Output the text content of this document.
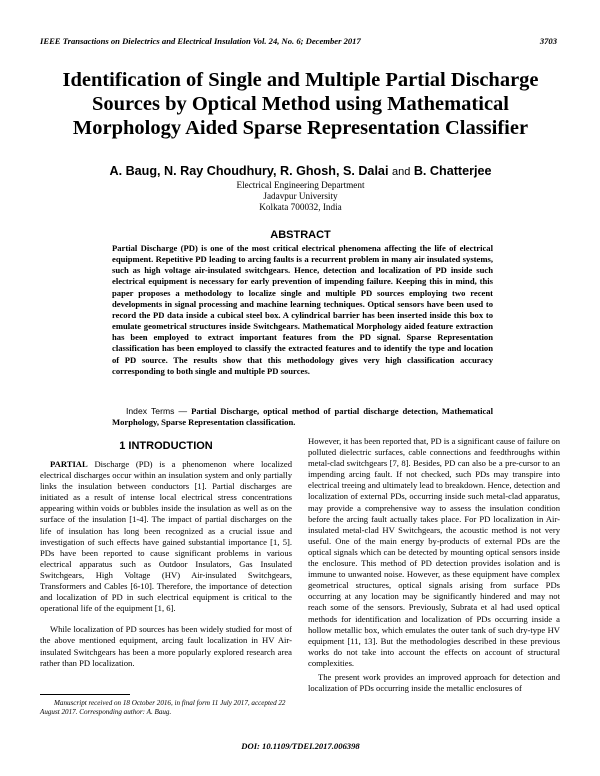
IEEE Transactions on Dielectrics and Electrical Insulation Vol. 24, No. 6; December 2017	3703
Identification of Single and Multiple Partial Discharge Sources by Optical Method using Mathematical Morphology Aided Sparse Representation Classifier
A. Baug, N. Ray Choudhury, R. Ghosh, S. Dalai and B. Chatterjee
Electrical Engineering Department
Jadavpur University
Kolkata 700032, India
ABSTRACT
Partial Discharge (PD) is one of the most critical electrical phenomena affecting the life of electrical equipment. Repetitive PD leading to arcing faults is a recurrent problem in many air insulated systems, such as high voltage air-insulated switchgears. Hence, detection and localization of PD inside such electrical equipment is necessary for early prevention of impending failure. Keeping this in mind, this paper proposes a methodology to localize single and multiple PD sources employing two recent developments in signal processing and machine learning techniques. Optical sensors have been used to record the PD data inside a cubical steel box. A cylindrical barrier has been inserted inside this box to emulate geometrical structures inside Switchgears. Mathematical Morphology aided feature extraction has been employed to extract important features from the PD signal. Sparse Representation classification has been employed to classify the extracted features and to identify the type and location of PD source. The results show that this methodology gives very high classification accuracy corresponding to both single and multiple PD sources.
Index Terms — Partial Discharge, optical method of partial discharge detection, Mathematical Morphology, Sparse Representation classification.
1 INTRODUCTION

PARTIAL Discharge (PD) is a phenomenon where localized electrical discharges occur within an insulation system and only partially links the insulation between conductors [1]. Partial discharges are initiated as a result of intense local electrical stress concentrations appearing within voids or bubbles inside the insulation as well as on the surface of the insulation [1-4]. The impact of partial discharges on the life of insulation has long been recognized as a crucial issue and investigation of such effects have gained substantial importance [1, 5]. PDs have been reported to cause significant problems in various electrical apparatus such as Outdoor Insulators, Gas Insulated Switchgears, High Voltage (HV) Air-insulated Switchgears, Transformers and Cables [6-10]. Therefore, the importance of detection and localization of PD in such electrical equipment is critical to the operational life of the equipment [1, 6].

While localization of PD sources has been widely studied for most of the above mentioned equipment, arcing fault localization in HV Air-insulated Switchgears has been a more popularly explored research area rather than PD localization.

However, it has been reported that, PD is a significant cause of failure on polluted dielectric surfaces, cable connections and feedthroughs within metal-clad switchgears [7, 8]. Besides, PD can also be a pre-cursor to an impending arcing fault. If not checked, such PDs may transpire into electrical treeing and ultimately lead to breakdown. Hence, detection and localization of external PDs, occurring inside such metal-clad apparatus, may provide a comprehensive way to assess the insulation condition before the arcing fault actually takes place. For PD localization in Air-insulated metal-clad HV Switchgears, the acoustic method is not very useful. One of the main energy by-products of external PDs are the optical signals which can be detected by mounting optical sensors inside the enclosure. This method of PD detection provides isolation and is immune to unwanted noise. However, as these equipment have complex geometrical structures, optical signals arising from surface PDs occurring at any location may be significantly hindered and may not reach some of the sensors. Previously, Subrata et al had used optical methods for identification and localization of PDs occurring inside a hollow metallic box, which emulates the outer tank of such dry-type HV equipment [11, 13]. But the methodologies described in these previous works do not take into account the effects on account of structural complexities.

The present work provides an improved approach for detection and localization of PDs occurring inside the metallic enclosures of

Manuscript received on 18 October 2016, in final form 11 July 2017, accepted 22 August 2017. Corresponding author: A. Baug.
DOI: 10.1109/TDEI.2017.006398
